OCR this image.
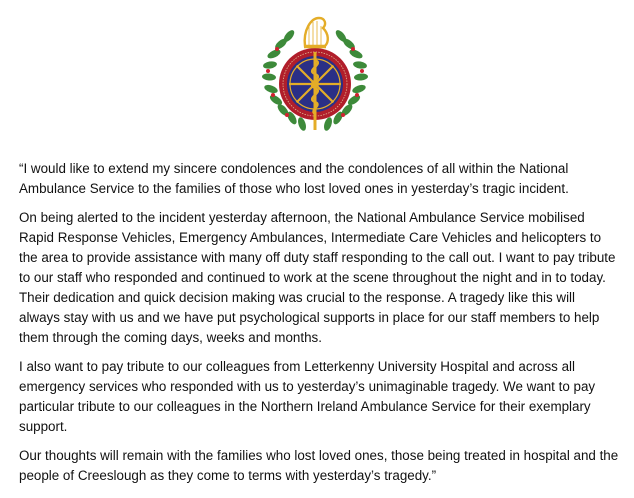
“I would like to extend my sincere condolences and the condolences of all within the National Ambulance Service to the families of those who lost loved ones in yesterday’s tragic incident.

On being alerted to the incident yesterday afternoon, the National Ambulance Service mobilised Rapid Response Vehicles, Emergency Ambulances, Intermediate Care Vehicles and helicopters to the area to provide assistance with many off duty staff responding to the call out. I want to pay tribute to our staff who responded and continued to work at the scene throughout the night and in to today. Their dedication and quick decision making was crucial to the response. A tragedy like this will always stay with us and we have put psychological supports in place for our staff members to help them through the coming days, weeks and months.

I also want to pay tribute to our colleagues from Letterkenny University Hospital and across all emergency services who responded with us to yesterday’s unimaginable tragedy. We want to pay particular tribute to our colleagues in the Northern Ireland Ambulance Service for their exemplary support.

Our thoughts will remain with the families who lost loved ones, those being treated in hospital and the people of Creeslough as they come to terms with yesterday’s tragedy.”
